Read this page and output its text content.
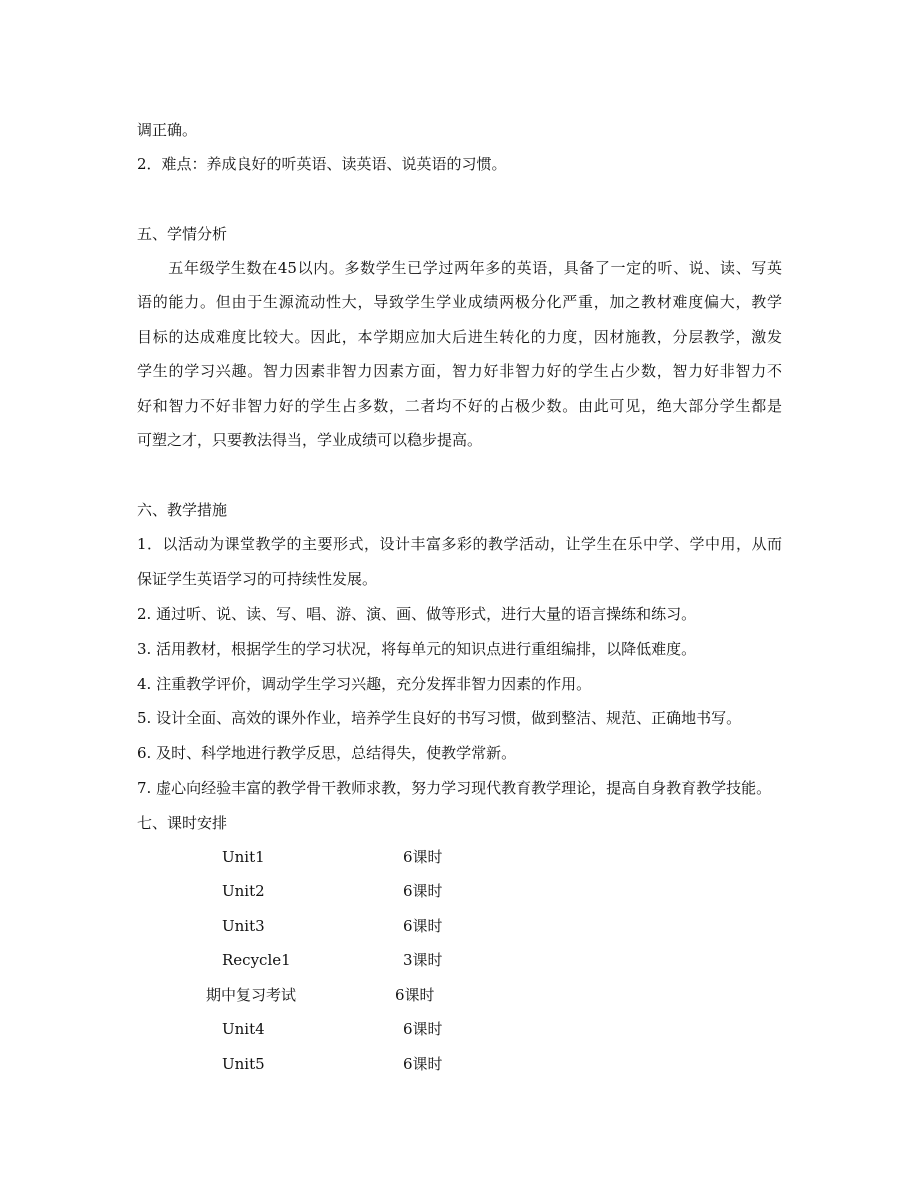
调正确。
2．难点：养成良好的听英语、读英语、说英语的习惯。
五、学情分析
　　五年级学生数在45以内。多数学生已学过两年多的英语，具备了一定的听、说、读、写英
语的能力。但由于生源流动性大，导致学生学业成绩两极分化严重，加之教材难度偏大，教学
目标的达成难度比较大。因此，本学期应加大后进生转化的力度，因材施教，分层教学，激发
学生的学习兴趣。智力因素非智力因素方面，智力好非智力好的学生占少数，智力好非智力不
好和智力不好非智力好的学生占多数，二者均不好的占极少数。由此可见，绝大部分学生都是
可塑之才，只要教法得当，学业成绩可以稳步提高。
六、教学措施
1．以活动为课堂教学的主要形式，设计丰富多彩的教学活动，让学生在乐中学、学中用，从而
保证学生英语学习的可持续性发展。
2. 通过听、说、读、写、唱、游、演、画、做等形式，进行大量的语言操练和练习。
3. 活用教材，根据学生的学习状况，将每单元的知识点进行重组编排，以降低难度。
4. 注重教学评价，调动学生学习兴趣，充分发挥非智力因素的作用。
5. 设计全面、高效的课外作业，培养学生良好的书写习惯，做到整洁、规范、正确地书写。
6. 及时、科学地进行教学反思，总结得失，使教学常新。
7. 虚心向经验丰富的教学骨干教师求教，努力学习现代教育教学理论，提高自身教育教学技能。
七、课时安排
Unit1	6课时
Unit2	6课时
Unit3	6课时
Recycle1	3课时
期中复习考试	6课时
Unit4	6课时
Unit5	6课时
